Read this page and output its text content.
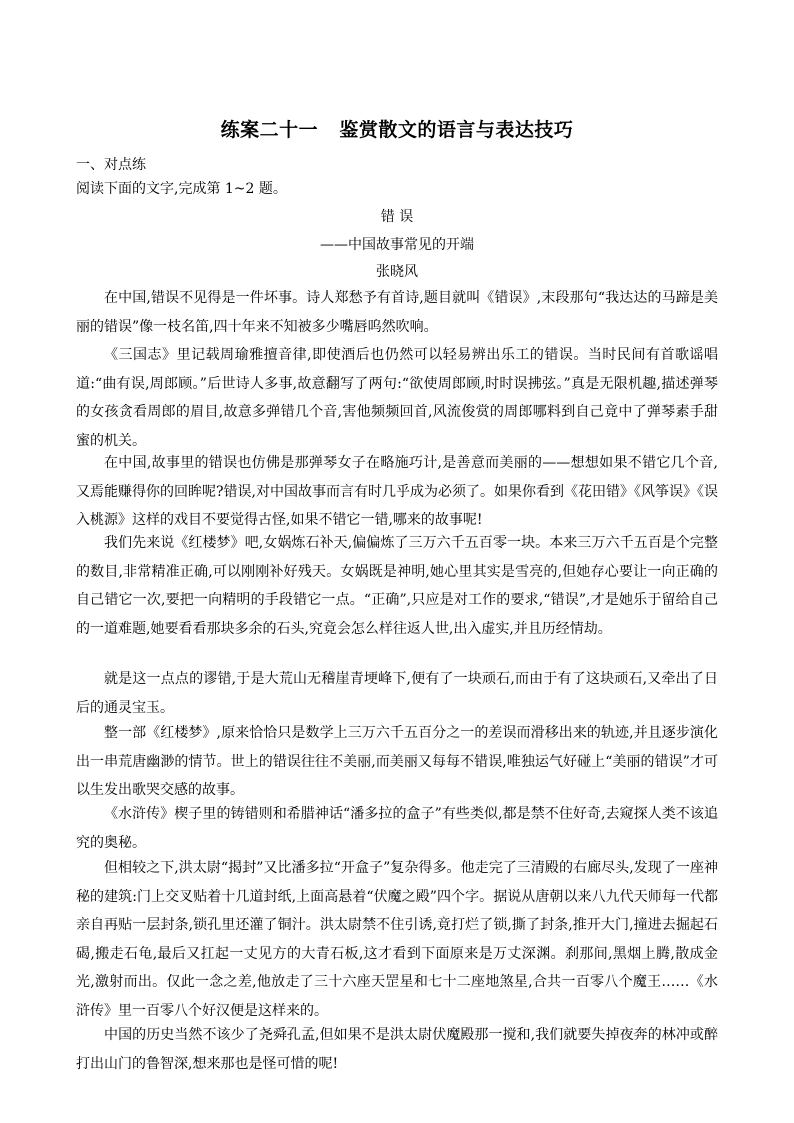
练案二十一   鉴赏散文的语言与表达技巧
一、对点练
阅读下面的文字,完成第 1~2 题。
错 误
——中国故事常见的开端
张晓风

在中国,错误不见得是一件坏事。诗人郑愁予有首诗,题目就叫《错误》,末段那句“我达达的马蹄是美丽的错误”像一枝名笛,四十年来不知被多少嘴唇呜然吹响。

《三国志》里记载周瑜雅擅音律,即使酒后也仍然可以轻易辨出乐工的错误。当时民间有首歌谣唱道:“曲有误,周郎顾。”后世诗人多事,故意翻写了两句:“欲使周郎顾,时时误拂弦。”真是无限机趣,描述弹琴的女孩贪看周郎的眉目,故意多弹错几个音,害他频频回首,风流俊赏的周郎哪料到自己竟中了弹琴素手甜蜜的机关。

在中国,故事里的错误也仿佛是那弹琴女子在略施巧计,是善意而美丽的——想想如果不错它几个音,又焉能赚得你的回眸呢?错误,对中国故事而言有时几乎成为必须了。如果你看到《花田错》《风筝误》《误入桃源》这样的戏目不要觉得古怪,如果不错它一错,哪来的故事呢!

我们先来说《红楼梦》吧,女娲炼石补天,偏偏炼了三万六千五百零一块。本来三万六千五百是个完整的数目,非常精准正确,可以刚刚补好残天。女娲既是神明,她心里其实是雪亮的,但她存心要让一向正确的自己错它一次,要把一向精明的手段错它一点。“正确”,只应是对工作的要求,“错误”,才是她乐于留给自己的一道难题,她要看看那块多余的石头,究竟会怎么样往返人世,出入虚实,并且历经情劫。

就是这一点点的谬错,于是大荒山无稽崖青埂峰下,便有了一块顽石,而由于有了这块顽石,又牵出了日后的通灵宝玉。

整一部《红楼梦》,原来恰恰只是数学上三万六千五百分之一的差误而滑移出来的轨迹,并且逐步演化出一串荒唐幽渺的情节。世上的错误往往不美丽,而美丽又每每不错误,唯独运气好碰上“美丽的错误”才可以生发出歌哭交感的故事。

《水浒传》楔子里的铸错则和希腊神话“潘多拉的盒子”有些类似,都是禁不住好奇,去窥探人类不该追究的奥秘。

但相较之下,洪太尉“揭封”又比潘多拉“开盒子”复杂得多。他走完了三清殿的右廊尽头,发现了一座神秘的建筑:门上交叉贴着十几道封纸,上面高悬着“伏魔之殿”四个字。据说从唐朝以来八九代天师每一代都亲自再贴一层封条,锁孔里还灌了铜汁。洪太尉禁不住引诱,竟打烂了锁,撕了封条,推开大门,撞进去掘起石碣,搬走石龟,最后又扛起一丈见方的大青石板,这才看到下面原来是万丈深渊。刹那间,黑烟上腾,散成金光,激射而出。仅此一念之差,他放走了三十六座天罡星和七十二座地煞星,合共一百零八个魔王……《水浒传》里一百零八个好汉便是这样来的。

中国的历史当然不该少了尧舜孔孟,但如果不是洪太尉伏魔殿那一搅和,我们就要失掉夜奔的林冲或醉打出山门的鲁智深,想来那也是怪可惜的呢!
